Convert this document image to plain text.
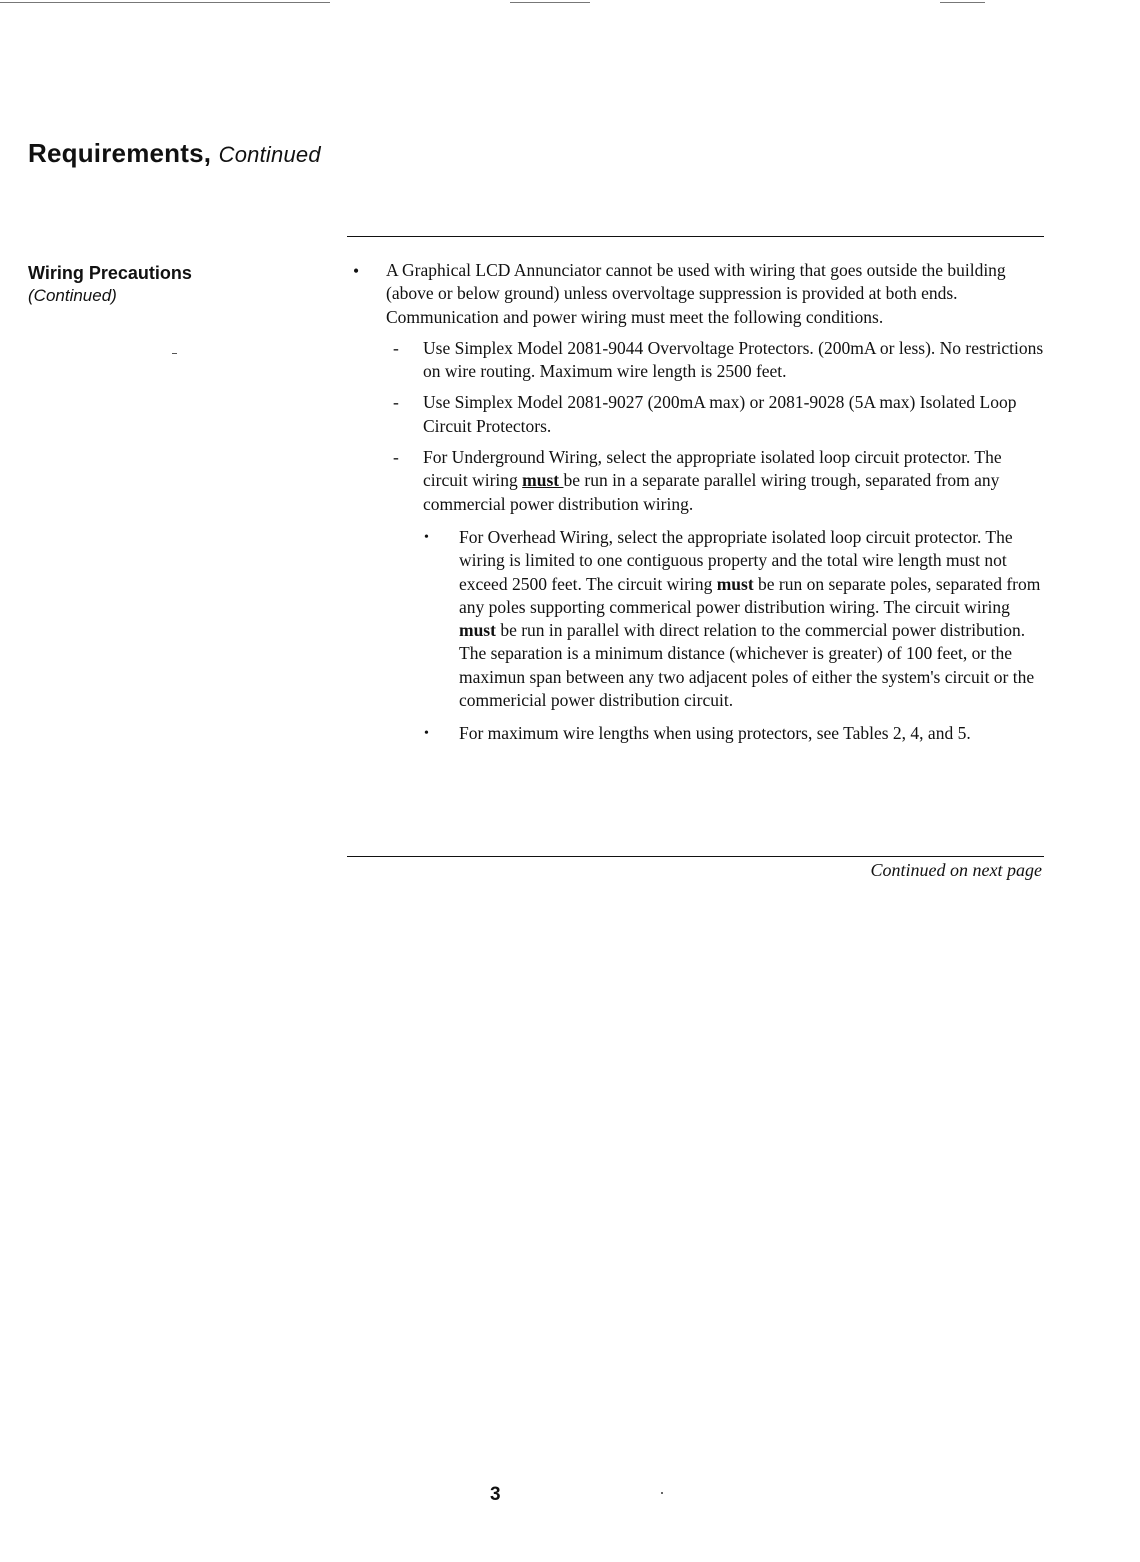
Requirements, Continued
Wiring Precautions
(Continued)
• A Graphical LCD Annunciator cannot be used with wiring that goes outside the building (above or below ground) unless overvoltage suppression is provided at both ends. Communication and power wiring must meet the following conditions.
- Use Simplex Model 2081-9044 Overvoltage Protectors. (200mA or less). No restrictions on wire routing. Maximum wire length is 2500 feet.
- Use Simplex Model 2081-9027 (200mA max) or 2081-9028 (5A max) Isolated Loop Circuit Protectors.
- For Underground Wiring, select the appropriate isolated loop circuit protector. The circuit wiring must be run in a separate parallel wiring trough, separated from any commercial power distribution wiring.
• For Overhead Wiring, select the appropriate isolated loop circuit protector. The wiring is limited to one contiguous property and the total wire length must not exceed 2500 feet. The circuit wiring must be run on separate poles, separated from any poles supporting commerical power distribution wiring. The circuit wiring must be run in parallel with direct relation to the commercial power distribution. The separation is a minimum distance (whichever is greater) of 100 feet, or the maximun span between any two adjacent poles of either the system's circuit or the commericial power distribution circuit.
• For maximum wire lengths when using protectors, see Tables 2, 4, and 5.
Continued on next page
3
